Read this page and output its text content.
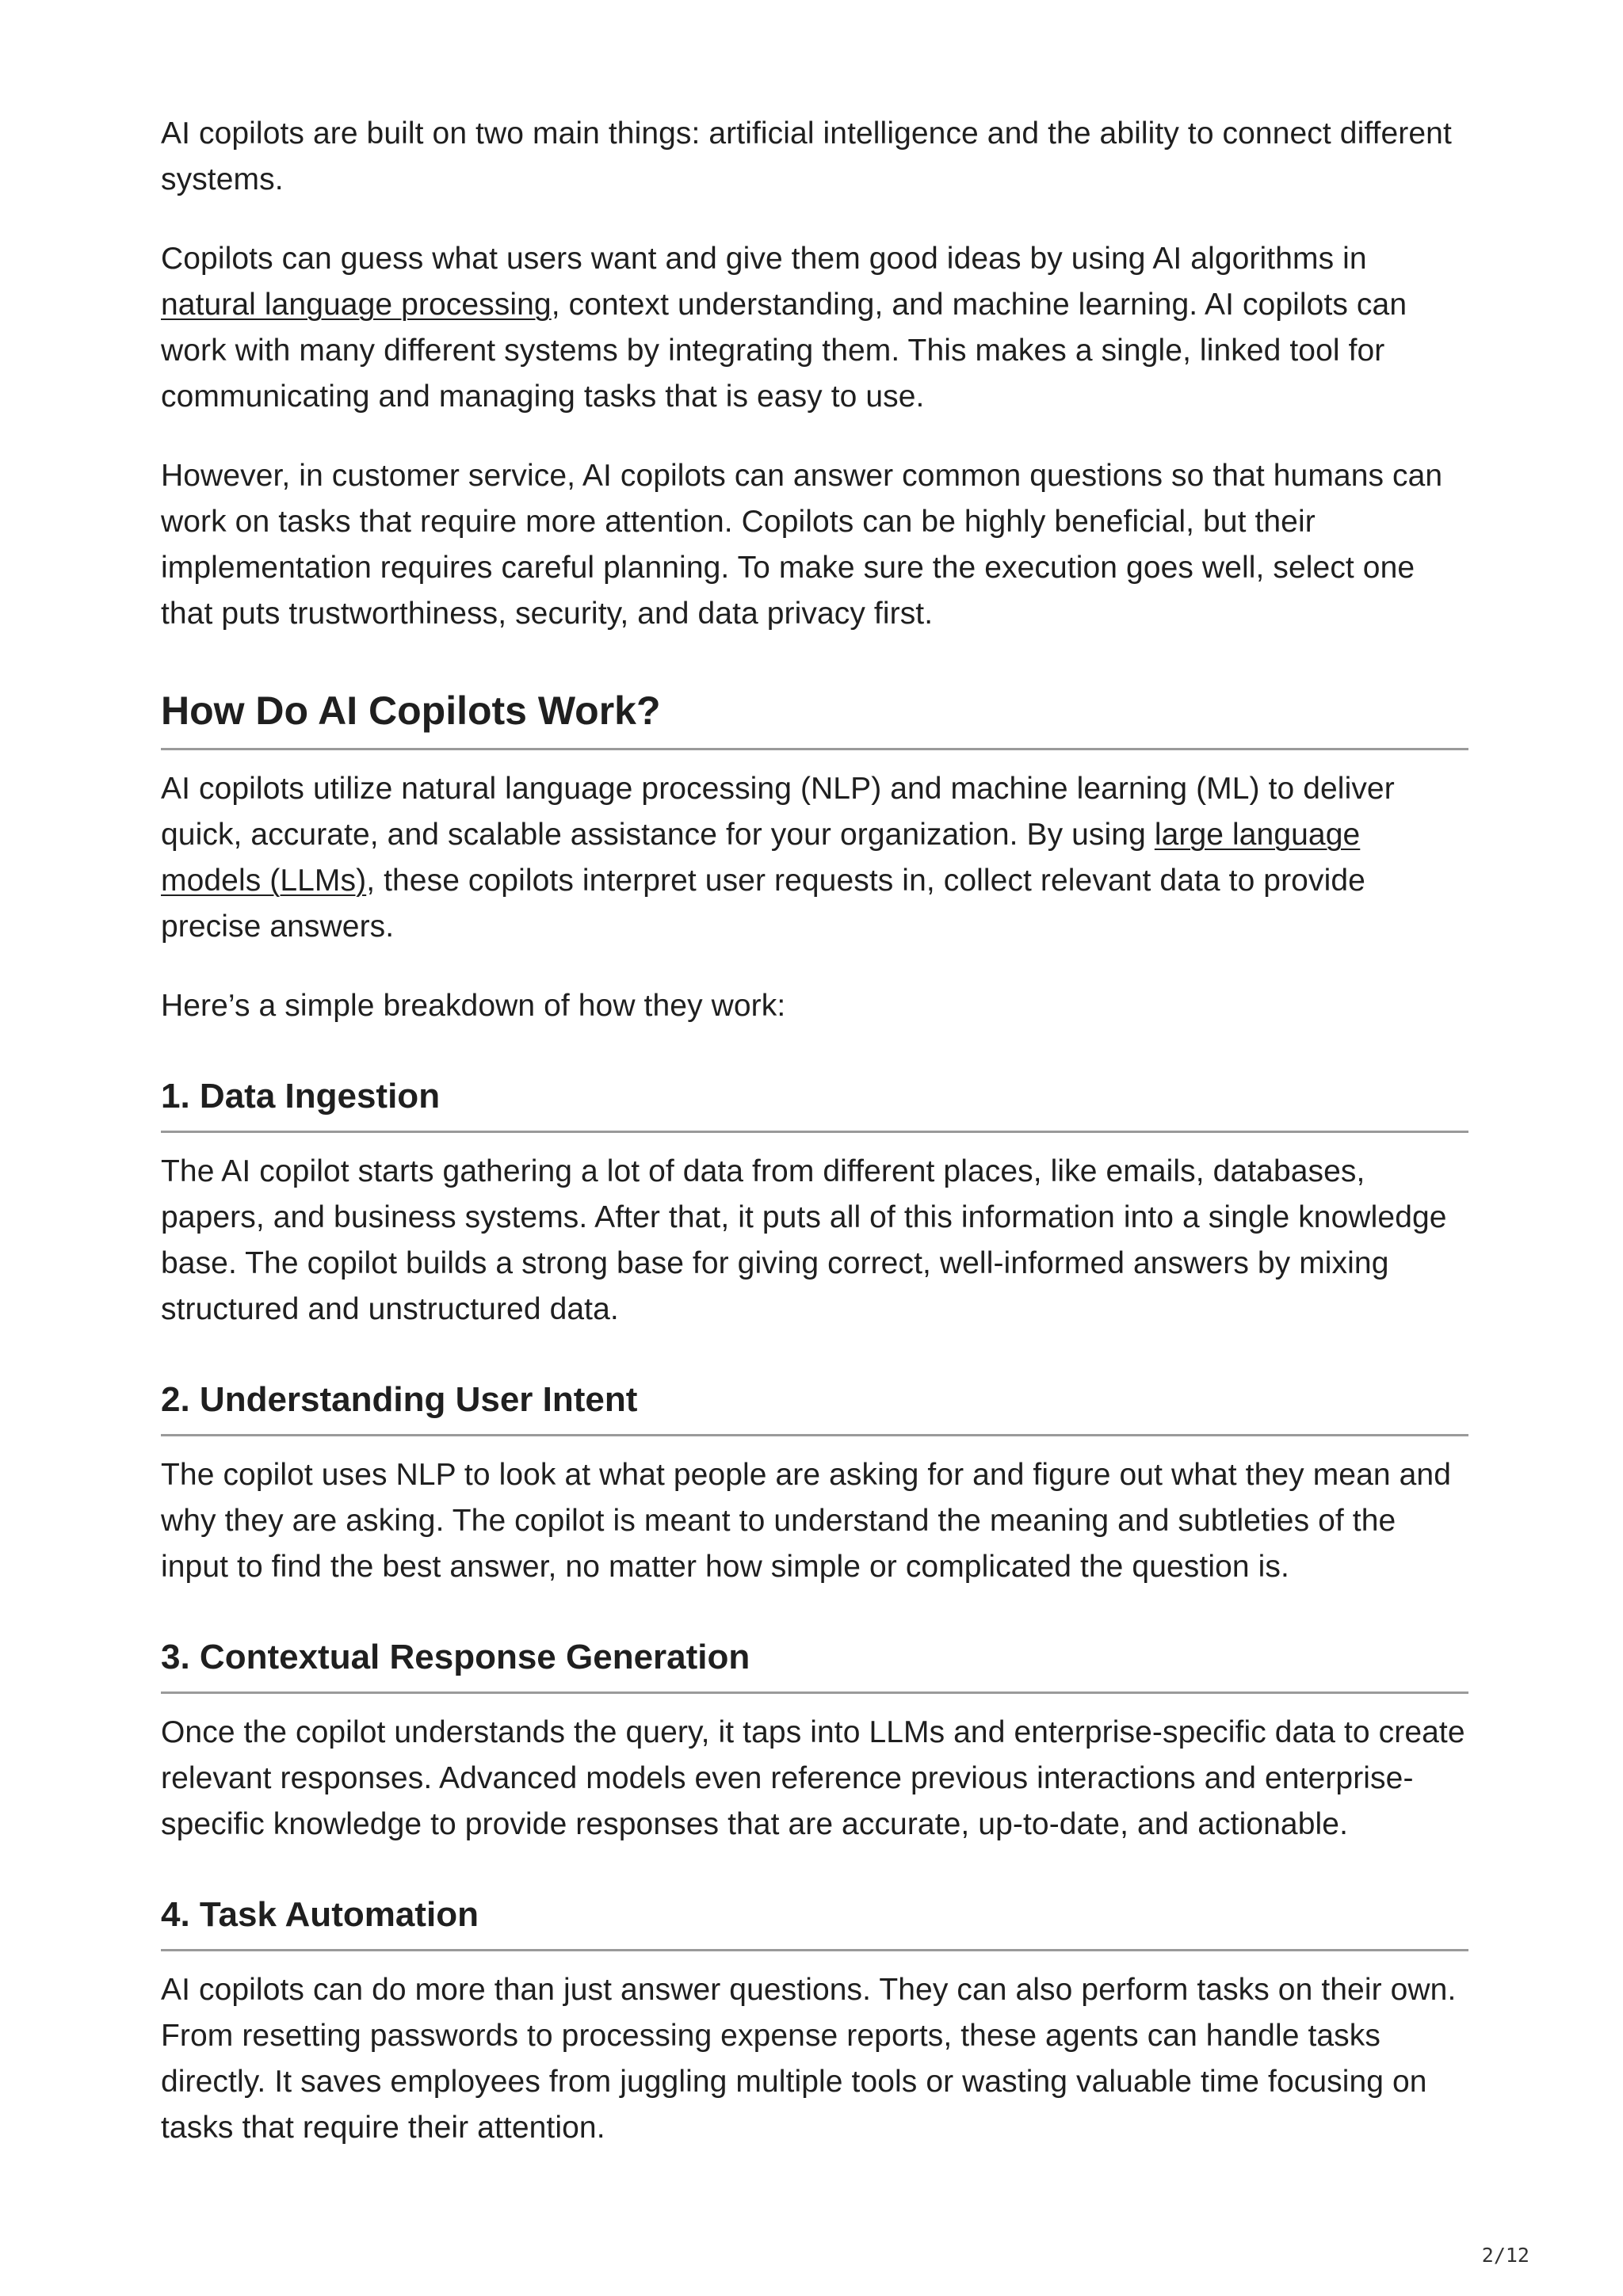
AI copilots are built on two main things: artificial intelligence and the ability to connect different systems.

Copilots can guess what users want and give them good ideas by using AI algorithms in natural language processing, context understanding, and machine learning. AI copilots can work with many different systems by integrating them. This makes a single, linked tool for communicating and managing tasks that is easy to use.

However, in customer service, AI copilots can answer common questions so that humans can work on tasks that require more attention. Copilots can be highly beneficial, but their implementation requires careful planning. To make sure the execution goes well, select one that puts trustworthiness, security, and data privacy first.

How Do AI Copilots Work?

AI copilots utilize natural language processing (NLP) and machine learning (ML) to deliver quick, accurate, and scalable assistance for your organization. By using large language models (LLMs), these copilots interpret user requests in, collect relevant data to provide precise answers.

Here’s a simple breakdown of how they work:

1. Data Ingestion

The AI copilot starts gathering a lot of data from different places, like emails, databases, papers, and business systems. After that, it puts all of this information into a single knowledge base. The copilot builds a strong base for giving correct, well-informed answers by mixing structured and unstructured data.

2. Understanding User Intent

The copilot uses NLP to look at what people are asking for and figure out what they mean and why they are asking. The copilot is meant to understand the meaning and subtleties of the input to find the best answer, no matter how simple or complicated the question is.

3. Contextual Response Generation

Once the copilot understands the query, it taps into LLMs and enterprise-specific data to create relevant responses. Advanced models even reference previous interactions and enterprise-specific knowledge to provide responses that are accurate, up-to-date, and actionable.

4. Task Automation

AI copilots can do more than just answer questions. They can also perform tasks on their own. From resetting passwords to processing expense reports, these agents can handle tasks directly. It saves employees from juggling multiple tools or wasting valuable time focusing on tasks that require their attention.

2/12
